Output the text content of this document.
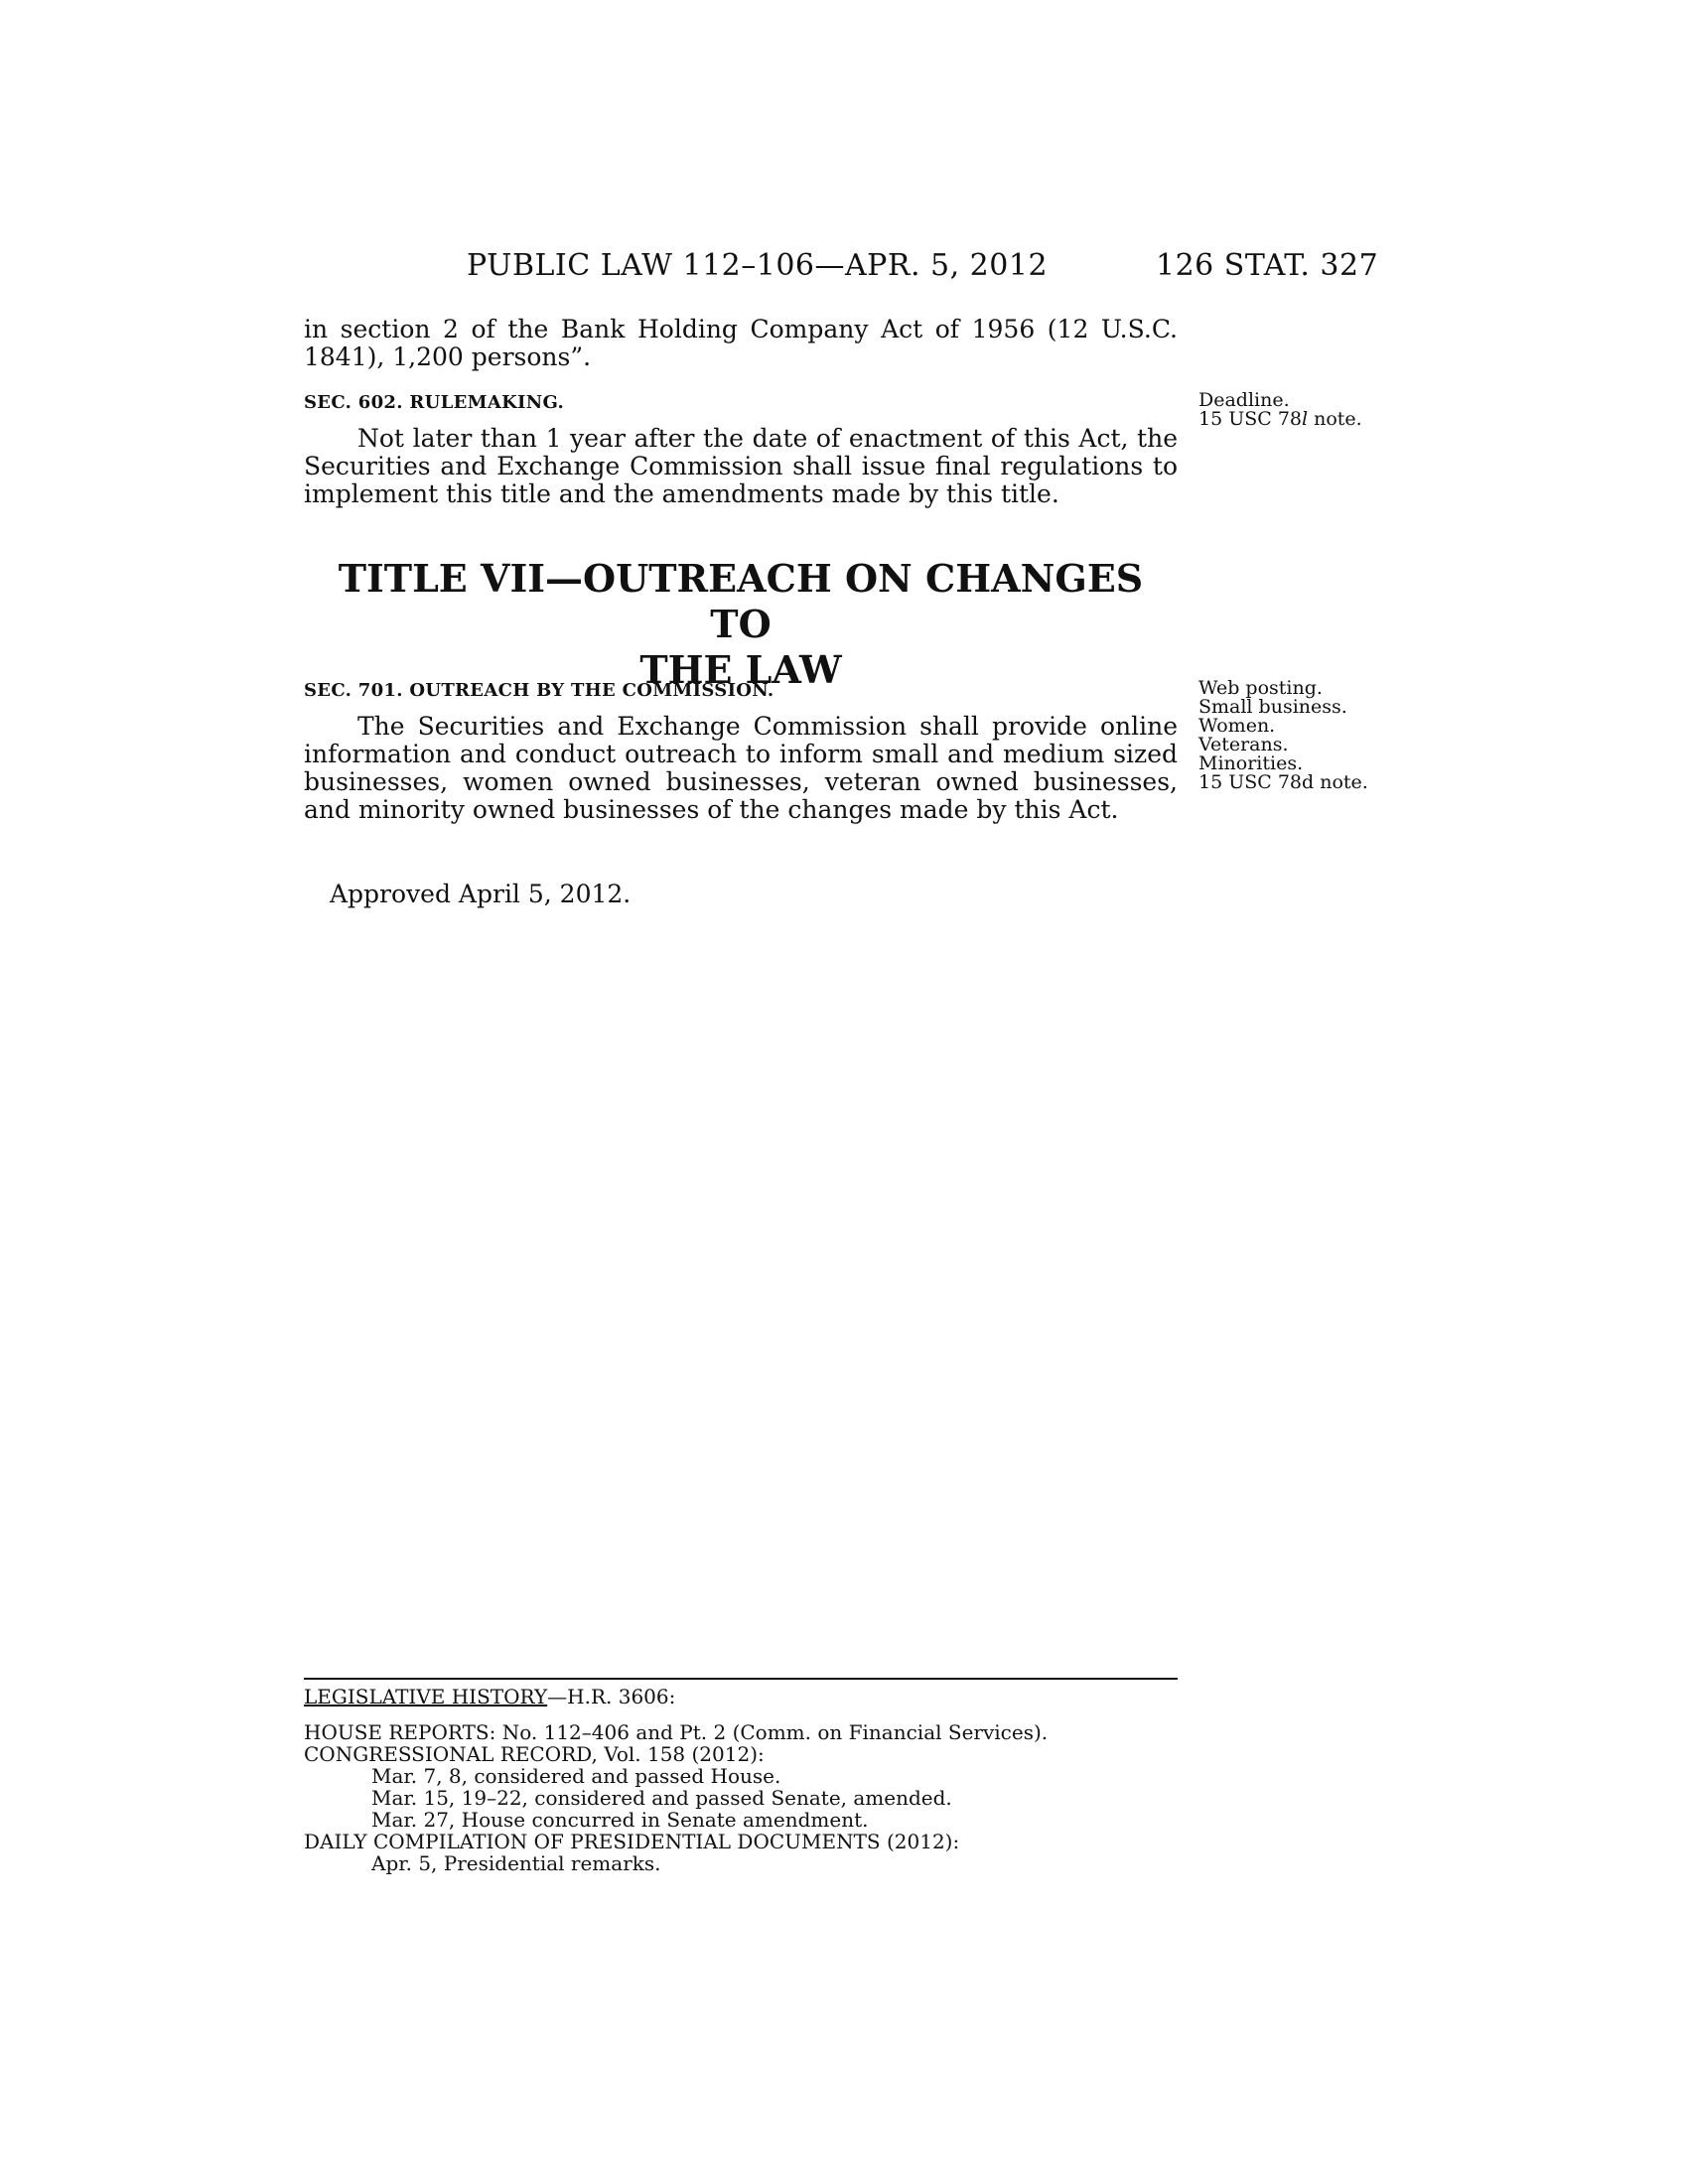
PUBLIC LAW 112–106—APR. 5, 2012	126 STAT. 327

in section 2 of the Bank Holding Company Act of 1956 (12 U.S.C. 1841), 1,200 persons”.

SEC. 602. RULEMAKING.

Not later than 1 year after the date of enactment of this Act, the Securities and Exchange Commission shall issue final regulations to implement this title and the amendments made by this title.

Deadline.
15 USC 78l note.
TITLE VII—OUTREACH ON CHANGES TO
THE LAW

SEC. 701. OUTREACH BY THE COMMISSION.

The Securities and Exchange Commission shall provide online information and conduct outreach to inform small and medium sized businesses, women owned businesses, veteran owned businesses, and minority owned businesses of the changes made by this Act.

Web posting.
Small business.
Women.
Veterans.
Minorities.
15 USC 78d note.
Approved April 5, 2012.
LEGISLATIVE HISTORY—H.R. 3606:
HOUSE REPORTS: No. 112–406 and Pt. 2 (Comm. on Financial Services).
CONGRESSIONAL RECORD, Vol. 158 (2012):
Mar. 7, 8, considered and passed House.
Mar. 15, 19–22, considered and passed Senate, amended.
Mar. 27, House concurred in Senate amendment.
DAILY COMPILATION OF PRESIDENTIAL DOCUMENTS (2012):
Apr. 5, Presidential remarks.
